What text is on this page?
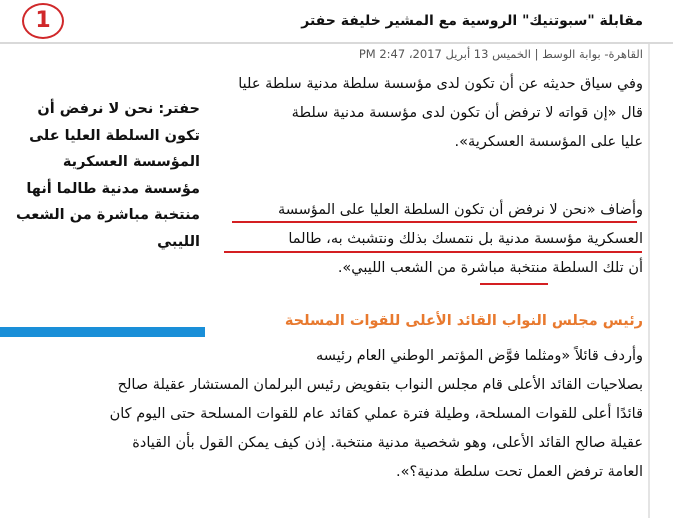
1	مقابلة "سبوتنيك" الروسية مع المشير خليفة حفتر
القاهرة- بوابة الوسط | الخميس 13 أبريل 2017، 2:47 PM
وفي سياق حديثه عن أن تكون لدى مؤسسة سلطة مدنية سلطة عليا
قال «إن قواته لا ترفض أن تكون لدى مؤسسة مدنية سلطة
عليا على المؤسسة العسكرية».
وأضاف «نحن لا نرفض أن تكون السلطة العليا على المؤسسة
العسكرية مؤسسة مدنية بل نتمسك بذلك ونتشبث به، طالما
أن تلك السلطة منتخبة مباشرة من الشعب الليبي».
رئيس مجلس النواب القائد الأعلى للقوات المسلحة
وأردف قائلاً «ومثلما فوَّض المؤتمر الوطني العام رئيسه
بصلاحيات القائد الأعلى قام مجلس النواب بتفويض رئيس البرلمان المستشار عقيلة صالح
قائدًا أعلى للقوات المسلحة، وطيلة فترة عملي كقائد عام للقوات المسلحة حتى اليوم كان
عقيلة صالح القائد الأعلى، وهو شخصية مدنية منتخبة. إذن كيف يمكن القول بأن القيادة
العامة ترفض العمل تحت سلطة مدنية؟».
حفتر: نحن لا نرفض أن
تكون السلطة العليا على
المؤسسة العسكرية
مؤسسة مدنية طالما أنها
منتخبة مباشرة من الشعب
الليبي
